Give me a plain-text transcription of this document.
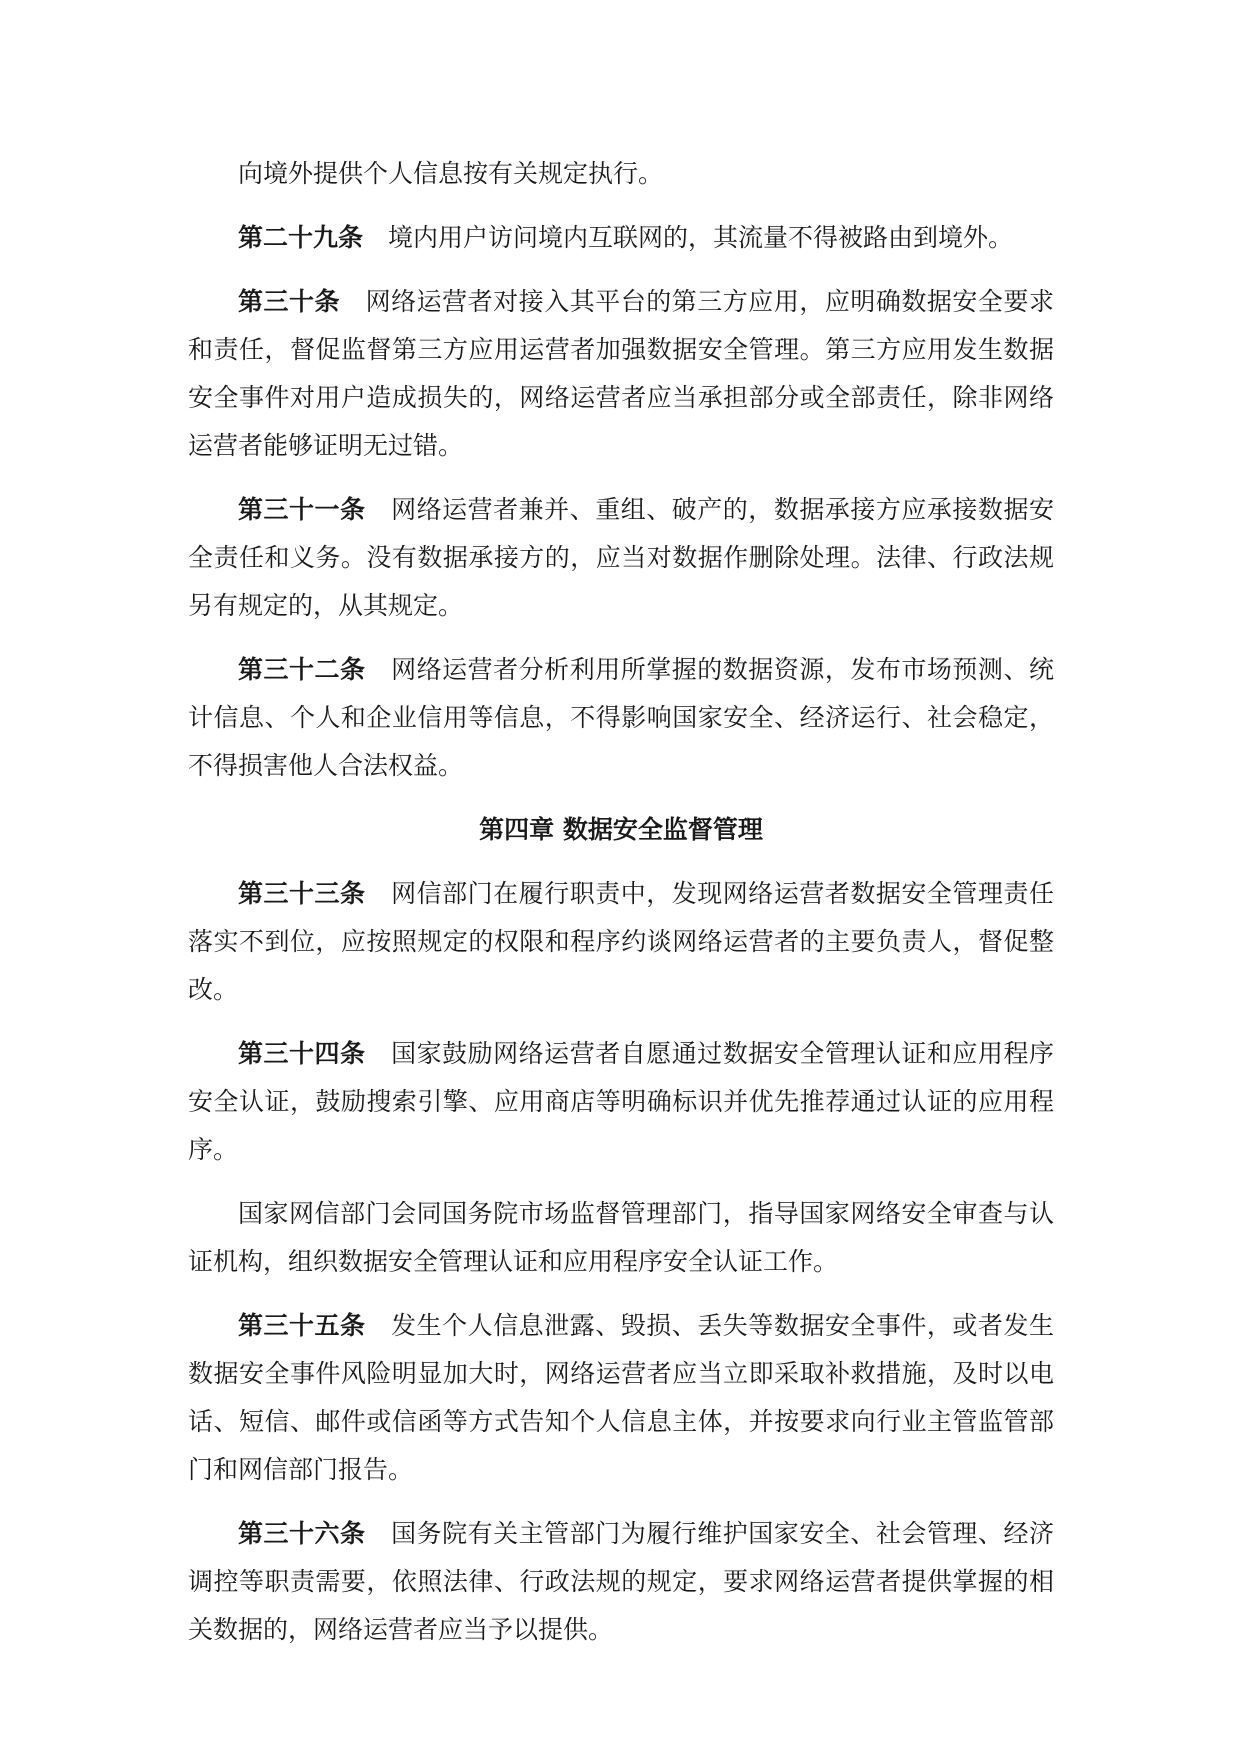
向境外提供个人信息按有关规定执行。

第二十九条　 境内用户访问境内互联网的，其流量不得被路由到境外。

第三十条　 网络运营者对接入其平台的第三方应用，应明确数据安全要求和责任，督促监督第三方应用运营者加强数据安全管理。第三方应用发生数据安全事件对用户造成损失的，网络运营者应当承担部分或全部责任，除非网络运营者能够证明无过错。

第三十一条　 网络运营者兼并、重组、破产的，数据承接方应承接数据安全责任和义务。没有数据承接方的，应当对数据作删除处理。法律、行政法规另有规定的，从其规定。

第三十二条　 网络运营者分析利用所掌握的数据资源，发布市场预测、统计信息、个人和企业信用等信息，不得影响国家安全、经济运行、社会稳定，不得损害他人合法权益。

第四章 数据安全监督管理

第三十三条　 网信部门在履行职责中，发现网络运营者数据安全管理责任落实不到位，应按照规定的权限和程序约谈网络运营者的主要负责人，督促整改。

第三十四条　 国家鼓励网络运营者自愿通过数据安全管理认证和应用程序安全认证，鼓励搜索引擎、应用商店等明确标识并优先推荐通过认证的应用程序。

国家网信部门会同国务院市场监督管理部门，指导国家网络安全审查与认证机构，组织数据安全管理认证和应用程序安全认证工作。

第三十五条　 发生个人信息泄露、毁损、丢失等数据安全事件，或者发生数据安全事件风险明显加大时，网络运营者应当立即采取补救措施，及时以电话、短信、邮件或信函等方式告知个人信息主体，并按要求向行业主管监管部门和网信部门报告。

第三十六条　 国务院有关主管部门为履行维护国家安全、社会管理、经济调控等职责需要，依照法律、行政法规的规定，要求网络运营者提供掌握的相关数据的，网络运营者应当予以提供。
